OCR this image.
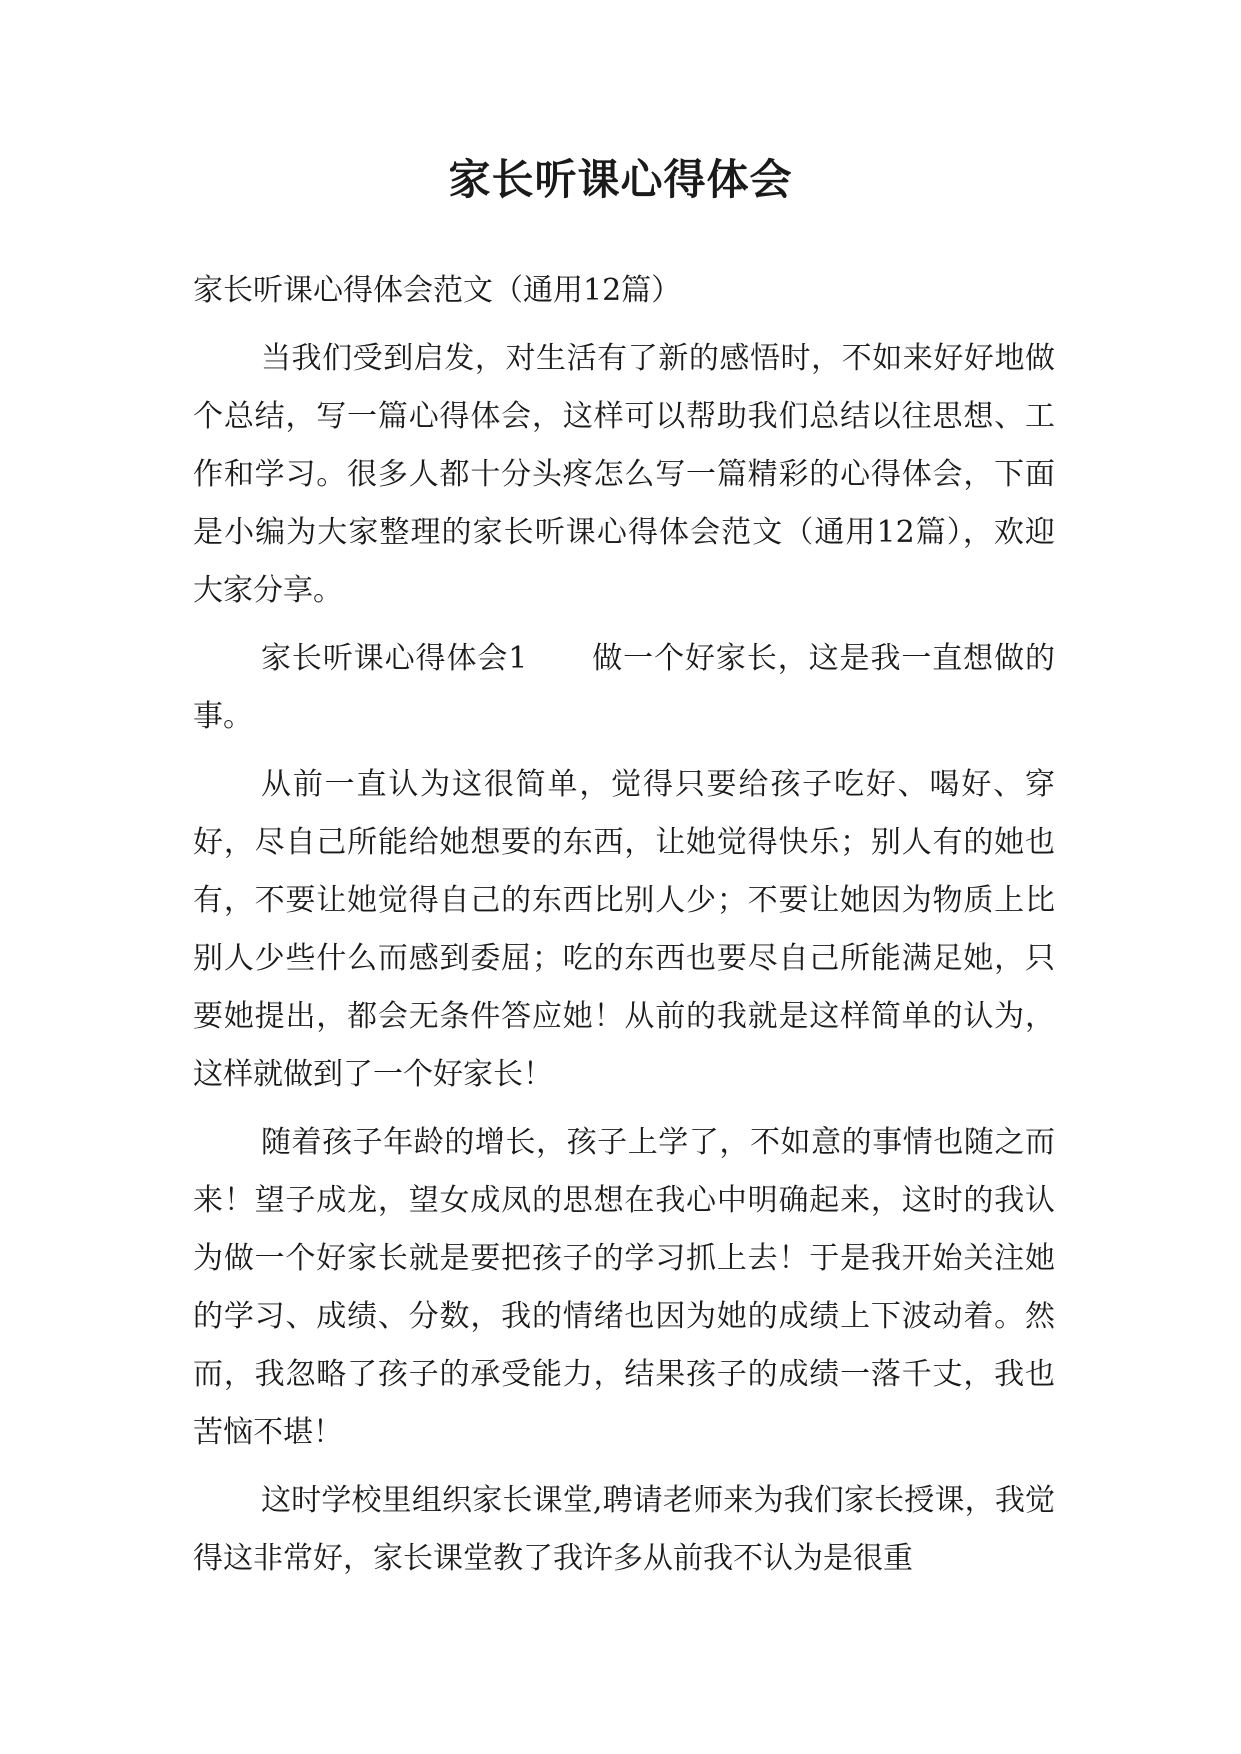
家长听课心得体会

家长听课心得体会范文（通用12篇）

当我们受到启发，对生活有了新的感悟时，不如来好好地做个总结，写一篇心得体会，这样可以帮助我们总结以往思想、工作和学习。很多人都十分头疼怎么写一篇精彩的心得体会，下面是小编为大家整理的家长听课心得体会范文（通用12篇），欢迎大家分享。

家长听课心得体会1 做一个好家长，这是我一直想做的事。

从前一直认为这很简单，觉得只要给孩子吃好、喝好、穿好，尽自己所能给她想要的东西，让她觉得快乐；别人有的她也有，不要让她觉得自己的东西比别人少；不要让她因为物质上比别人少些什么而感到委屈；吃的东西也要尽自己所能满足她，只要她提出，都会无条件答应她！从前的我就是这样简单的认为，这样就做到了一个好家长！

随着孩子年龄的增长，孩子上学了，不如意的事情也随之而来！望子成龙，望女成凤的思想在我心中明确起来，这时的我认为做一个好家长就是要把孩子的学习抓上去！于是我开始关注她的学习、成绩、分数，我的情绪也因为她的成绩上下波动着。然而，我忽略了孩子的承受能力，结果孩子的成绩一落千丈，我也苦恼不堪！

这时学校里组织家长课堂,聘请老师来为我们家长授课，我觉得这非常好，家长课堂教了我许多从前我不认为是很重
